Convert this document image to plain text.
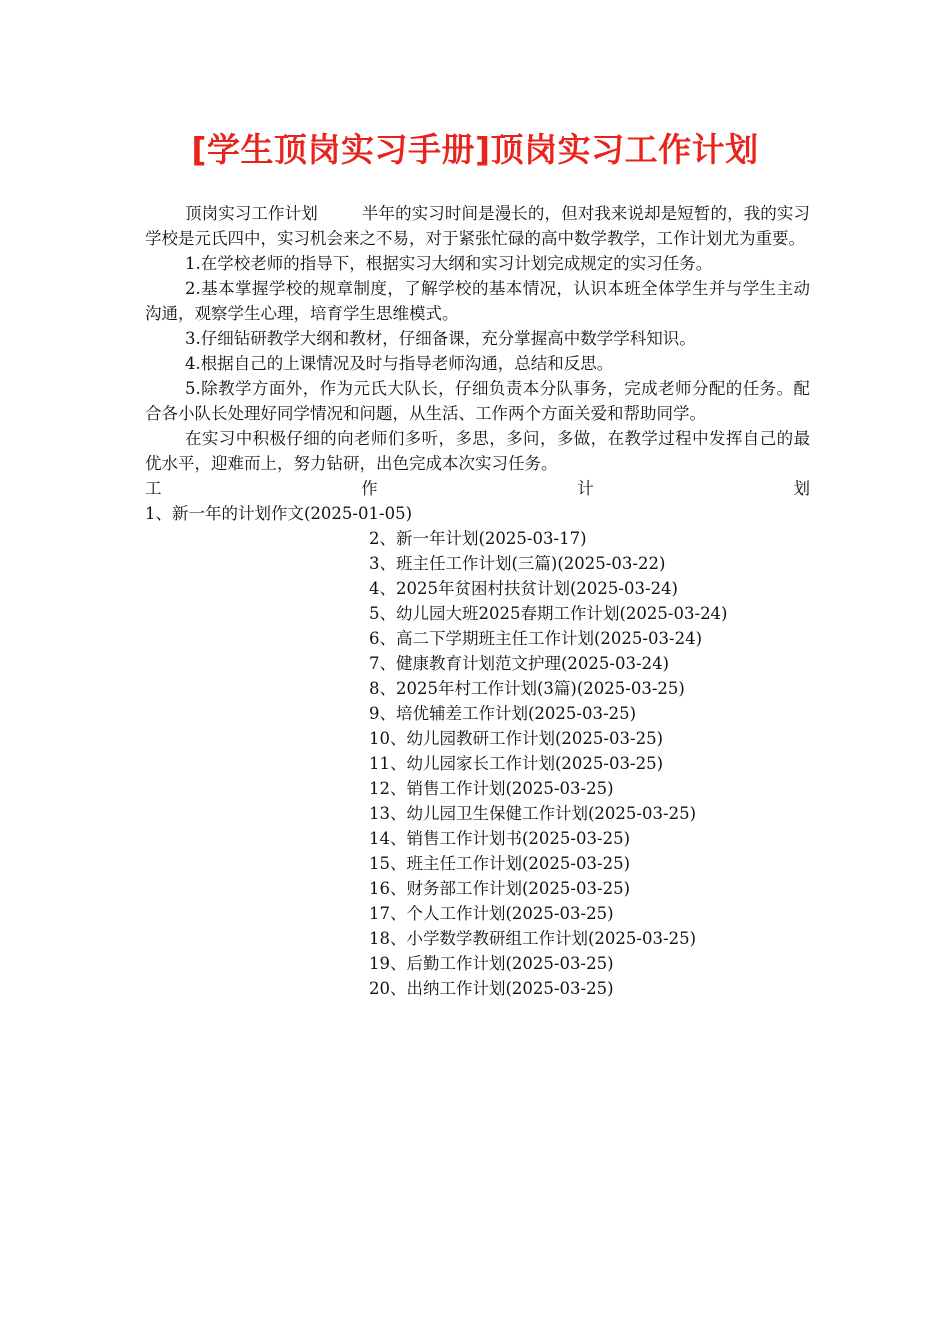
[学生顶岗实习手册]顶岗实习工作计划

顶岗实习工作计划	半年的实习时间是漫长的，但对我来说却是短暂的，我的实习学校是元氏四中，实习机会来之不易，对于紧张忙碌的高中数学教学，工作计划尤为重要。

1.在学校老师的指导下，根据实习大纲和实习计划完成规定的实习任务。

2.基本掌握学校的规章制度，了解学校的基本情况，认识本班全体学生并与学生主动沟通，观察学生心理，培育学生思维模式。

3.仔细钻研教学大纲和教材，仔细备课，充分掌握高中数学学科知识。

4.根据自己的上课情况及时与指导老师沟通，总结和反思。

5.除教学方面外，作为元氏大队长，仔细负责本分队事务，完成老师分配的任务。配合各小队长处理好同学情况和问题，从生活、工作两个方面关爱和帮助同学。

在实习中积极仔细的向老师们多听，多思，多问，多做，在教学过程中发挥自己的最优水平，迎难而上，努力钻研，出色完成本次实习任务。

工	作	计	划

1、新一年的计划作文(2025-01-05)

2、新一年计划(2025-03-17)
3、班主任工作计划(三篇)(2025-03-22)
4、2025年贫困村扶贫计划(2025-03-24)
5、幼儿园大班2025春期工作计划(2025-03-24)
6、高二下学期班主任工作计划(2025-03-24)
7、健康教育计划范文护理(2025-03-24)
8、2025年村工作计划(3篇)(2025-03-25)
9、培优辅差工作计划(2025-03-25)
10、幼儿园教研工作计划(2025-03-25)
11、幼儿园家长工作计划(2025-03-25)
12、销售工作计划(2025-03-25)
13、幼儿园卫生保健工作计划(2025-03-25)
14、销售工作计划书(2025-03-25)
15、班主任工作计划(2025-03-25)
16、财务部工作计划(2025-03-25)
17、个人工作计划(2025-03-25)
18、小学数学教研组工作计划(2025-03-25)
19、后勤工作计划(2025-03-25)
20、出纳工作计划(2025-03-25)
